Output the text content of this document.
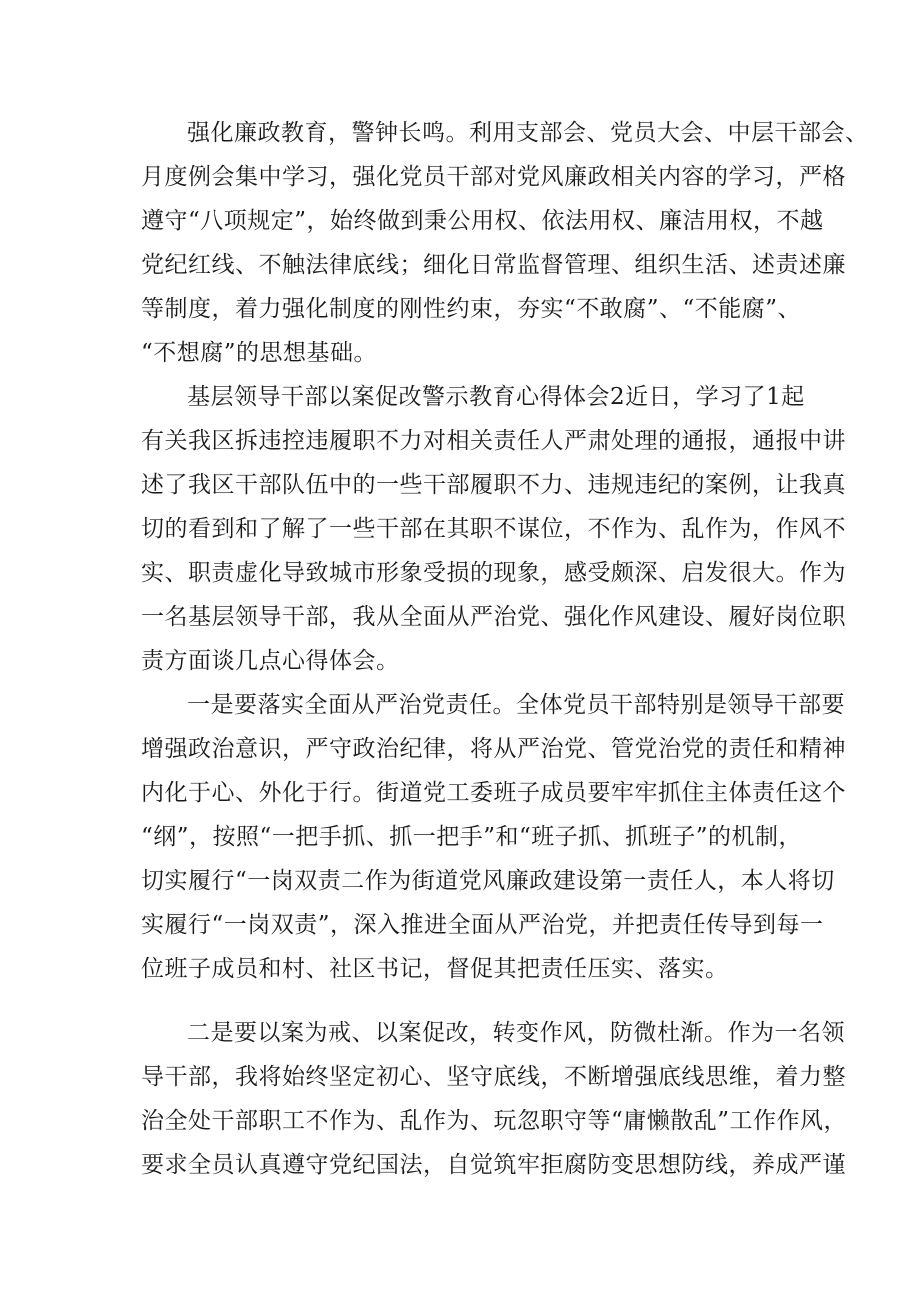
强化廉政教育，警钟长鸣。利用支部会、党员大会、中层干部会、
月度例会集中学习，强化党员干部对党风廉政相关内容的学习，严格
遵守“八项规定”，始终做到秉公用权、依法用权、廉洁用权，不越
党纪红线、不触法律底线；细化日常监督管理、组织生活、述责述廉
等制度，着力强化制度的刚性约束，夯实“不敢腐”、“不能腐”、
“不想腐”的思想基础。
基层领导干部以案促改警示教育心得体会2近日，学习了1起
有关我区拆违控违履职不力对相关责任人严肃处理的通报，通报中讲
述了我区干部队伍中的一些干部履职不力、违规违纪的案例，让我真
切的看到和了解了一些干部在其职不谋位，不作为、乱作为，作风不
实、职责虚化导致城市形象受损的现象，感受颇深、启发很大。作为
一名基层领导干部，我从全面从严治党、强化作风建设、履好岗位职
责方面谈几点心得体会。
一是要落实全面从严治党责任。全体党员干部特别是领导干部要
增强政治意识，严守政治纪律，将从严治党、管党治党的责任和精神
内化于心、外化于行。街道党工委班子成员要牢牢抓住主体责任这个
“纲”，按照“一把手抓、抓一把手”和“班子抓、抓班子”的机制，
切实履行“一岗双责二作为街道党风廉政建设第一责任人，本人将切
实履行“一岗双责”，深入推进全面从严治党，并把责任传导到每一
位班子成员和村、社区书记，督促其把责任压实、落实。
二是要以案为戒、以案促改，转变作风，防微杜渐。作为一名领
导干部，我将始终坚定初心、坚守底线，不断增强底线思维，着力整
治全处干部职工不作为、乱作为、玩忽职守等“庸懒散乱”工作作风，
要求全员认真遵守党纪国法，自觉筑牢拒腐防变思想防线，养成严谨
